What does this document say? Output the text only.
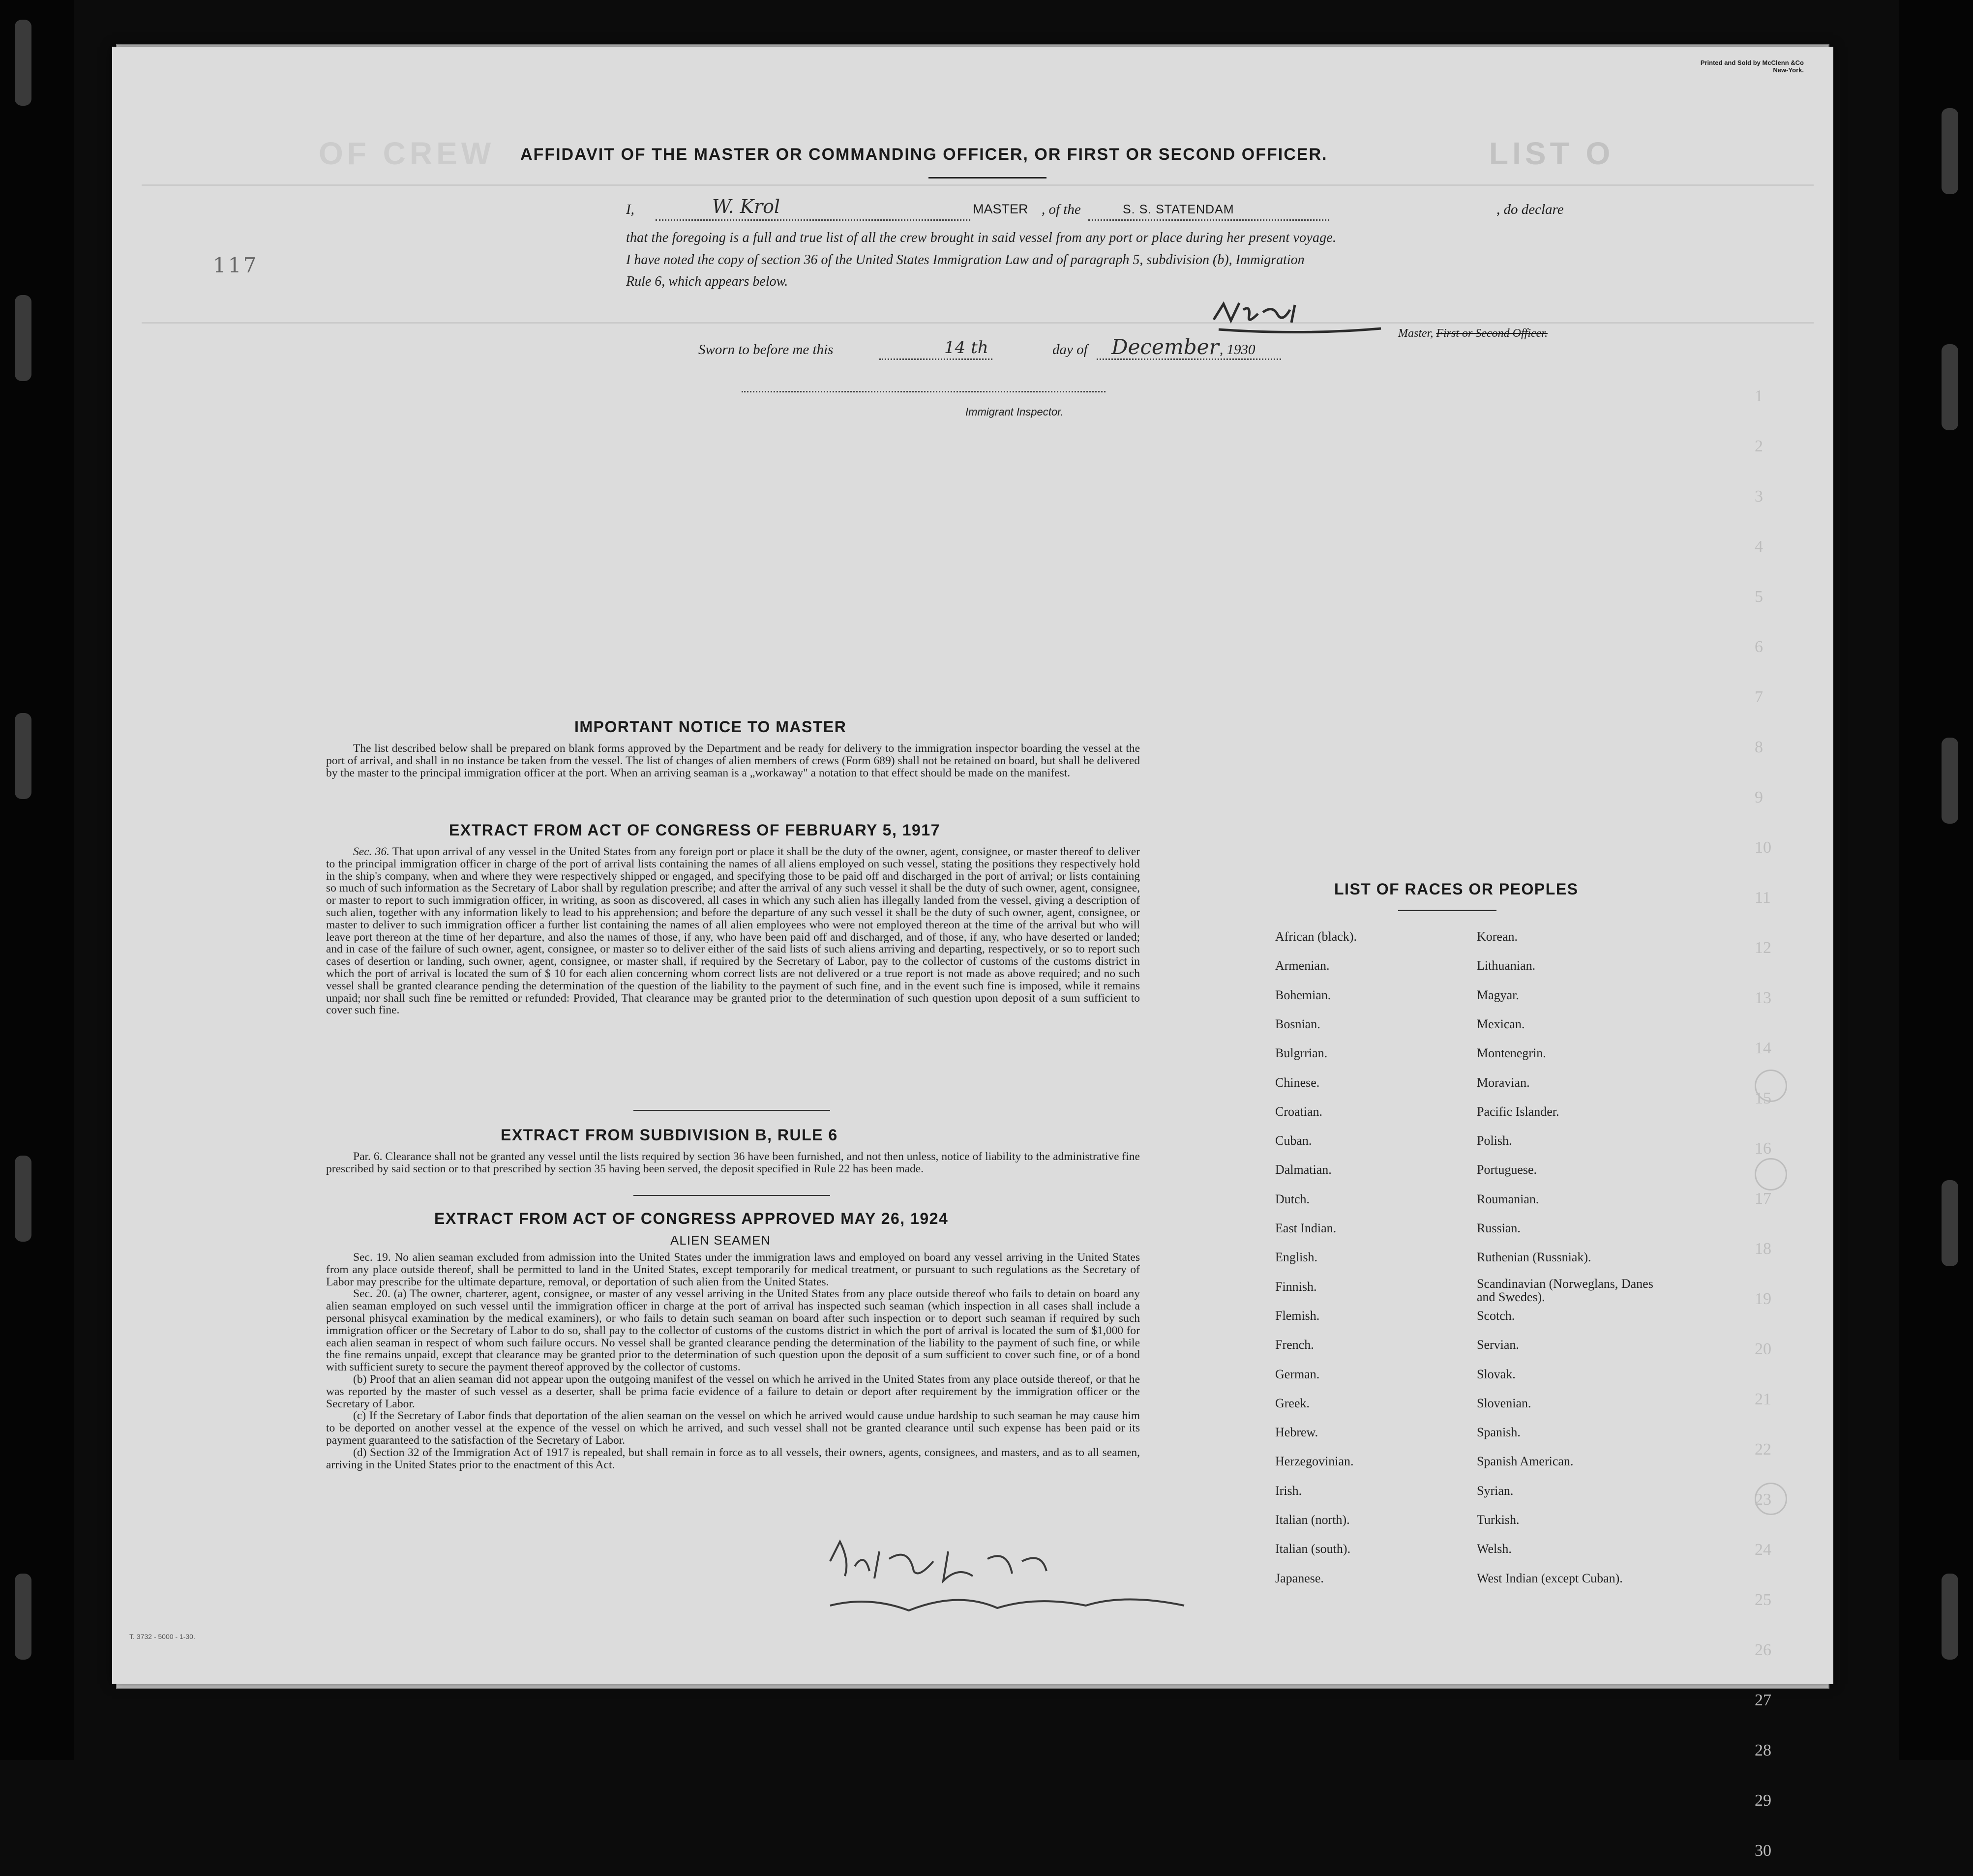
LIST O
OF CREW
1
2
3
4
5
6
7
8
9
10
11
12
13
14
15
16
17
18
19
20
21
22
23
24
25
26
27
28
29
30
Printed and Sold by McClenn &Co
New-York.
117
AFFIDAVIT OF THE MASTER OR COMMANDING OFFICER, OR FIRST OR SECOND OFFICER.
I,	W. Krol	MASTER , of the	S. S. STATENDAM	, do declare
that the foregoing is a full and true list of all the crew brought in said vessel from any port or place during her present voyage.
I have noted the copy of section 36 of the United States Immigration Law and of paragraph 5, subdivision (b), Immigration
Rule 6, which appears below.
Master, First or Second Officer.
Sworn to before me this	14 th	day of December , 1930
Immigrant Inspector.
IMPORTANT NOTICE TO MASTER

The list described below shall be prepared on blank forms approved by the Department and be ready for delivery to the immigration inspector boarding the vessel at the port of arrival, and shall in no instance be taken from the vessel. The list of changes of alien members of crews (Form 689) shall not be retained on board, but shall be delivered by the master to the principal immigration officer at the port. When an arriving seaman is a „workaway" a notation to that effect should be made on the manifest.

EXTRACT FROM ACT OF CONGRESS OF FEBRUARY 5, 1917

Sec. 36. That upon arrival of any vessel in the United States from any foreign port or place it shall be the duty of the owner, agent, consignee, or master thereof to deliver to the principal immigration officer in charge of the port of arrival lists containing the names of all aliens employed on such vessel, stating the positions they respectively hold in the ship's company, when and where they were respectively shipped or engaged, and specifying those to be paid off and discharged in the port of arrival; or lists containing so much of such information as the Secretary of Labor shall by regulation prescribe; and after the arrival of any such vessel it shall be the duty of such owner, agent, consignee, or master to report to such immigration officer, in writing, as soon as discovered, all cases in which any such alien has illegally landed from the vessel, giving a description of such alien, together with any information likely to lead to his apprehension; and before the departure of any such vessel it shall be the duty of such owner, agent, consignee, or master to deliver to such immigration officer a further list containing the names of all alien employees who were not employed thereon at the time of the arrival but who will leave port thereon at the time of her departure, and also the names of those, if any, who have been paid off and discharged, and of those, if any, who have deserted or landed; and in case of the failure of such owner, agent, consignee, or master so to deliver either of the said lists of such aliens arriving and departing, respectively, or so to report such cases of desertion or landing, such owner, agent, consignee, or master shall, if required by the Secretary of Labor, pay to the collector of customs of the customs district in which the port of arrival is located the sum of $ 10 for each alien concerning whom correct lists are not delivered or a true report is not made as above required; and no such vessel shall be granted clearance pending the determination of the question of the liability to the payment of such fine, and in the event such fine is imposed, while it remains unpaid; nor shall such fine be remitted or refunded: Provided, That clearance may be granted prior to the determination of such question upon deposit of a sum sufficient to cover such fine.

EXTRACT FROM SUBDIVISION B, RULE 6

Par. 6. Clearance shall not be granted any vessel until the lists required by section 36 have been furnished, and not then unless, notice of liability to the administrative fine prescribed by said section or to that prescribed by section 35 having been served, the deposit specified in Rule 22 has been made.

EXTRACT FROM ACT OF CONGRESS APPROVED MAY 26, 1924
ALIEN SEAMEN

Sec. 19. No alien seaman excluded from admission into the United States under the immigration laws and employed on board any vessel arriving in the United States from any place outside thereof, shall be permitted to land in the United States, except temporarily for medical treatment, or pursuant to such regulations as the Secretary of Labor may prescribe for the ultimate departure, removal, or deportation of such alien from the United States.

Sec. 20. (a) The owner, charterer, agent, consignee, or master of any vessel arriving in the United States from any place outside thereof who fails to detain on board any alien seaman employed on such vessel until the immigration officer in charge at the port of arrival has inspected such seaman (which inspection in all cases shall include a personal phisycal examination by the medical examiners), or who fails to detain such seaman on board after such inspection or to deport such seaman if required by such immigration officer or the Secretary of Labor to do so, shall pay to the collector of customs of the customs district in which the port of arrival is located the sum of $1,000 for each alien seaman in respect of whom such failure occurs. No vessel shall be granted clearance pending the determination of the liability to the payment of such fine, or while the fine remains unpaid, except that clearance may be granted prior to the determination of such question upon the deposit of a sum sufficient to cover such fine, or of a bond with sufficient surety to secure the payment thereof approved by the collector of customs.

(b) Proof that an alien seaman did not appear upon the outgoing manifest of the vessel on which he arrived in the United States from any place outside thereof, or that he was reported by the master of such vessel as a deserter, shall be prima facie evidence of a failure to detain or deport after requirement by the immigration officer or the Secretary of Labor.

(c) If the Secretary of Labor finds that deportation of the alien seaman on the vessel on which he arrived would cause undue hardship to such seaman he may cause him to be deported on another vessel at the expence of the vessel on which he arrived, and such vessel shall not be granted clearance until such expense has been paid or its payment guaranteed to the satisfaction of the Secretary of Labor.

(d) Section 32 of the Immigration Act of 1917 is repealed, but shall remain in force as to all vessels, their owners, agents, consignees, and masters, and as to all seamen, arriving in the United States prior to the enactment of this Act.

LIST OF RACES OR PEOPLES
African (black).
Armenian.
Bohemian.
Bosnian.
Bulgrrian.
Chinese.
Croatian.
Cuban.
Dalmatian.
Dutch.
East Indian.
English.
Finnish.
Flemish.
French.
German.
Greek.
Hebrew.
Herzegovinian.
Irish.
Italian (north).
Italian (south).
Japanese.
Korean.
Lithuanian.
Magyar.
Mexican.
Montenegrin.
Moravian.
Pacific Islander.
Polish.
Portuguese.
Roumanian.
Russian.
Ruthenian (Russniak).
Scandinavian (Norweglans, Danes and Swedes).
Scotch.
Servian.
Slovak.
Slovenian.
Spanish.
Spanish American.
Syrian.
Turkish.
Welsh.
West Indian (except Cuban).
T. 3732 - 5000 - 1-30.
